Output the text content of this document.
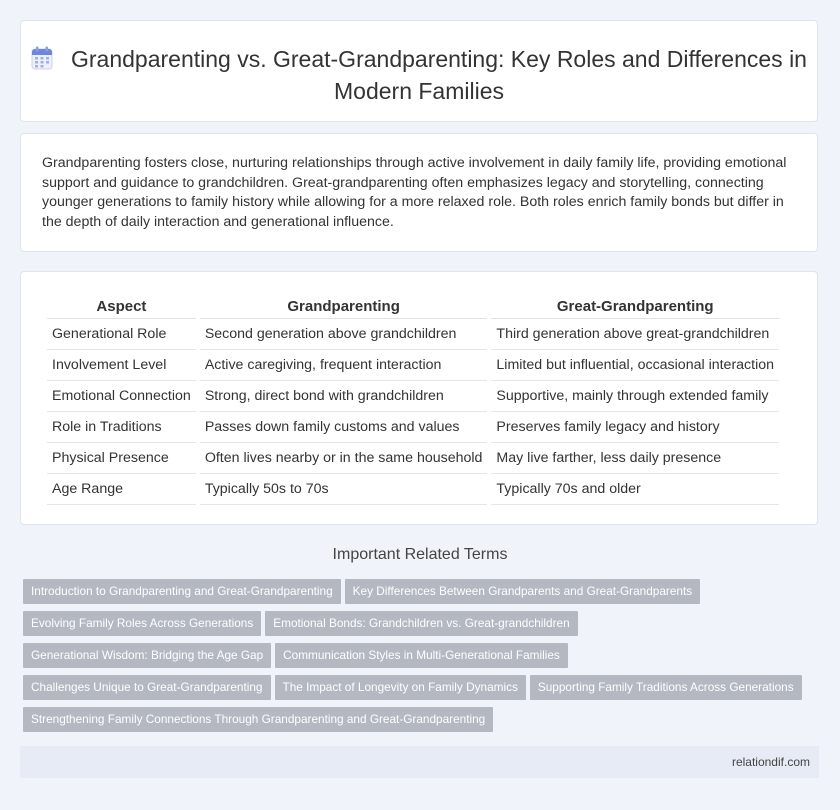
Grandparenting vs. Great-Grandparenting: Key Roles and Differences in Modern Families

Grandparenting fosters close, nurturing relationships through active involvement in daily family life, providing emotional support and guidance to grandchildren. Great-grandparenting often emphasizes legacy and storytelling, connecting younger generations to family history while allowing for a more relaxed role. Both roles enrich family bonds but differ in the depth of daily interaction and generational influence.

Aspect	Grandparenting	Great-Grandparenting
Generational Role	Second generation above grandchildren	Third generation above great-grandchildren
Involvement Level	Active caregiving, frequent interaction	Limited but influential, occasional interaction
Emotional Connection	Strong, direct bond with grandchildren	Supportive, mainly through extended family
Role in Traditions	Passes down family customs and values	Preserves family legacy and history
Physical Presence	Often lives nearby or in the same household	May live farther, less daily presence
Age Range	Typically 50s to 70s	Typically 70s and older
Important Related Terms
Introduction to Grandparenting and Great-Grandparenting Key Differences Between Grandparents and Great-Grandparents
Evolving Family Roles Across Generations Emotional Bonds: Grandchildren vs. Great-grandchildren
Generational Wisdom: Bridging the Age Gap Communication Styles in Multi-Generational Families
Challenges Unique to Great-Grandparenting The Impact of Longevity on Family Dynamics Supporting Family Traditions Across Generations
Strengthening Family Connections Through Grandparenting and Great-Grandparenting
relationdif.com
